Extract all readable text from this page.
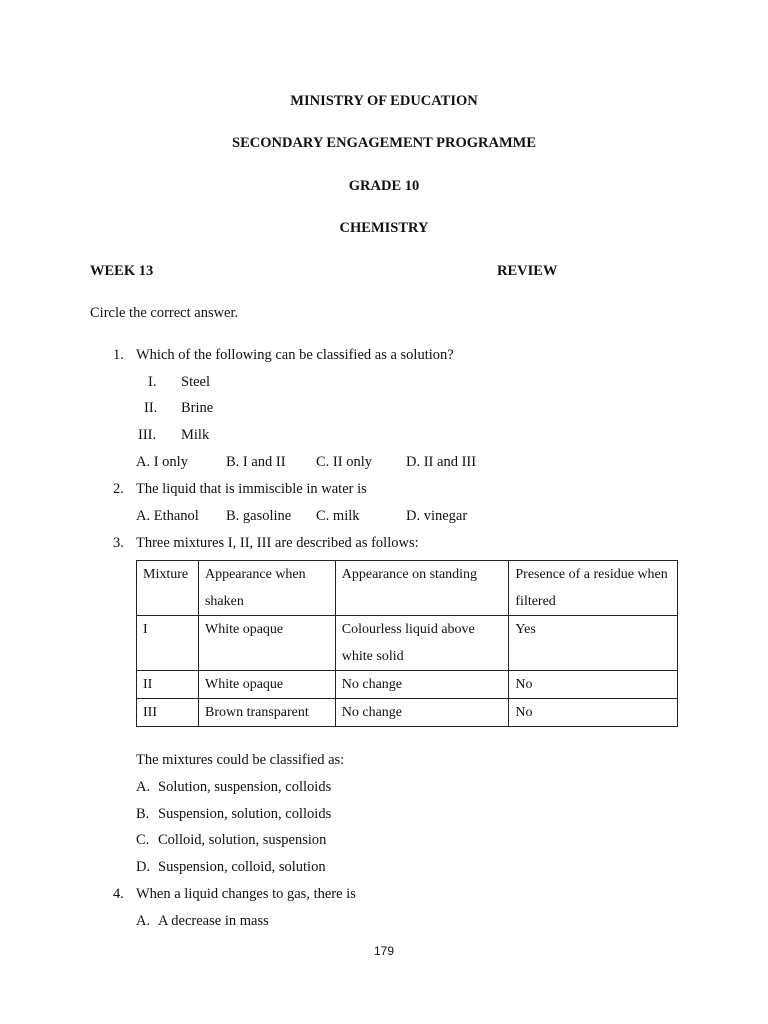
MINISTRY OF EDUCATION
SECONDARY ENGAGEMENT PROGRAMME
GRADE 10
CHEMISTRY
WEEK 13	REVIEW
Circle the correct answer.
1. Which of the following can be classified as a solution?
I. Steel
II. Brine
III. Milk
A. I only	B. I and II C. II only D. II and III
2. The liquid that is immiscible in water is
A. Ethanol B. gasoline C. milk	D. vinegar
3. Three mixtures I, II, III are described as follows:
Mixture	Appearance when shaken	Appearance on standing	Presence of a residue when filtered
I	White opaque	Colourless liquid above white solid	Yes
II	White opaque	No change	No
III	Brown transparent	No change	No
The mixtures could be classified as:
A. Solution, suspension, colloids
B. Suspension, solution, colloids
C. Colloid, solution, suspension
D. Suspension, colloid, solution
4. When a liquid changes to gas, there is
A. A decrease in mass
179
